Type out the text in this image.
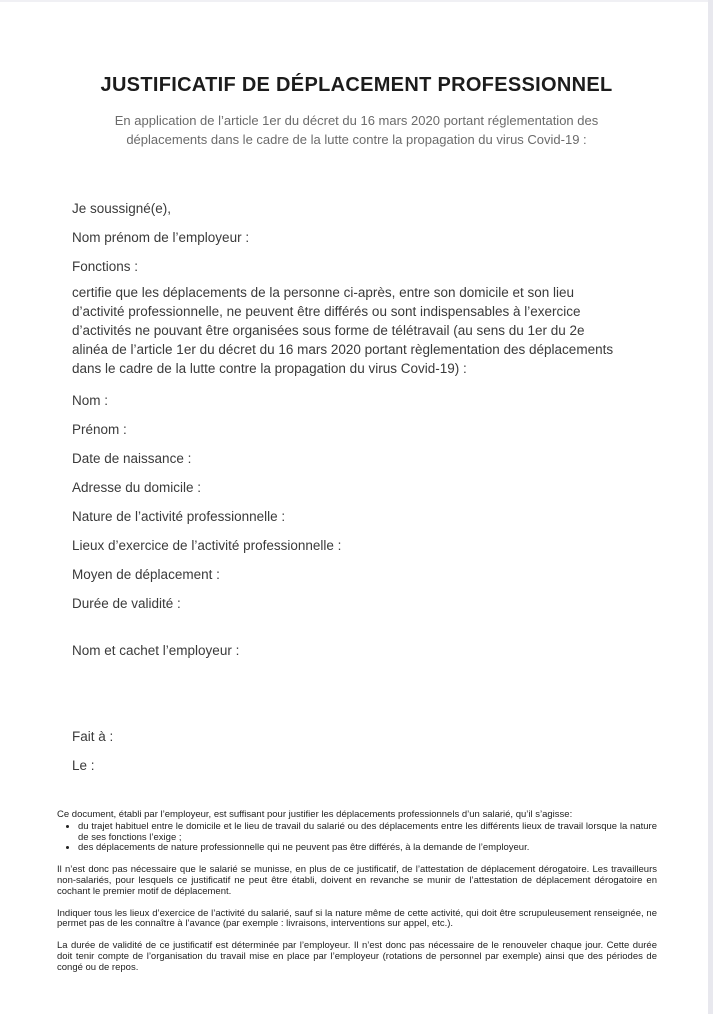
JUSTIFICATIF DE DÉPLACEMENT PROFESSIONNEL

En application de l’article 1er du décret du 16 mars 2020 portant réglementation des déplacements dans le cadre de la lutte contre la propagation du virus Covid-19 :

Je soussigné(e),
Nom prénom de l’employeur :
Fonctions :

certifie que les déplacements de la personne ci-après, entre son domicile et son lieu d’activité professionnelle, ne peuvent être différés ou sont indispensables à l’exercice d’activités ne pouvant être organisées sous forme de télétravail (au sens du 1er du 2e alinéa de l’article 1er du décret du 16 mars 2020 portant règlementation des déplacements dans le cadre de la lutte contre la propagation du virus Covid-19) :

Nom :
Prénom :
Date de naissance :
Adresse du domicile :
Nature de l’activité professionnelle :
Lieux d’exercice de l’activité professionnelle :
Moyen de déplacement :
Durée de validité :
Nom et cachet l’employeur :
Fait à :
Le :

Ce document, établi par l’employeur, est suffisant pour justifier les déplacements professionnels d’un salarié, qu’il s’agisse:

• du trajet habituel entre le domicile et le lieu de travail du salarié ou des déplacements entre les différents lieux de travail lorsque la nature de ses fonctions l’exige ;
• des déplacements de nature professionnelle qui ne peuvent pas être différés, à la demande de l’employeur.

Il n’est donc pas nécessaire que le salarié se munisse, en plus de ce justificatif, de l’attestation de déplacement dérogatoire. Les travailleurs non-salariés, pour lesquels ce justificatif ne peut être établi, doivent en revanche se munir de l’attestation de déplacement dérogatoire en cochant le premier motif de déplacement.

Indiquer tous les lieux d’exercice de l’activité du salarié, sauf si la nature même de cette activité, qui doit être scrupuleusement renseignée, ne permet pas de les connaître à l’avance (par exemple : livraisons, interventions sur appel, etc.).

La durée de validité de ce justificatif est déterminée par l’employeur. Il n’est donc pas nécessaire de le renouveler chaque jour. Cette durée doit tenir compte de l’organisation du travail mise en place par l’employeur (rotations de personnel par exemple) ainsi que des périodes de congé ou de repos.
